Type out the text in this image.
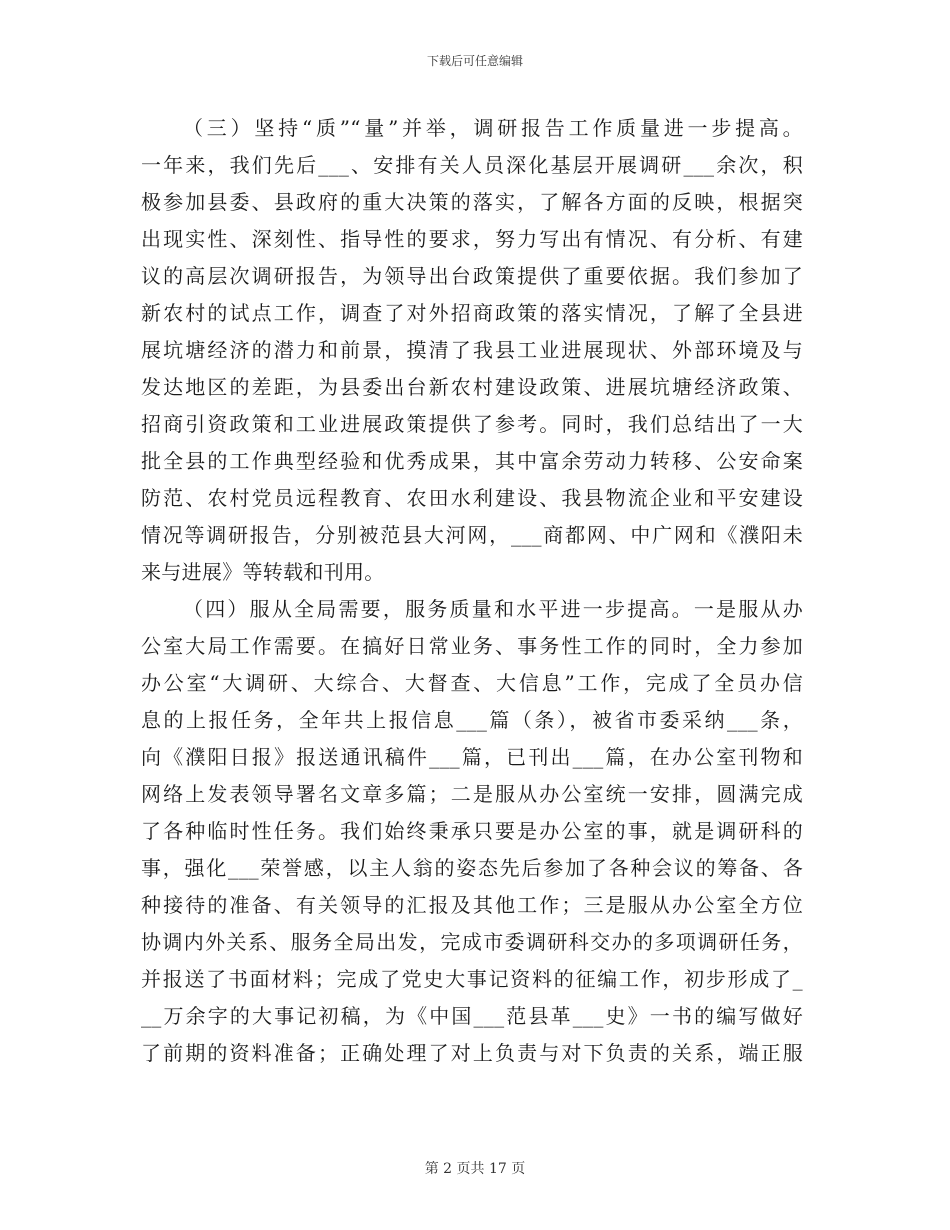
下载后可任意编辑
（三）坚持“质”“量”并举，调研报告工作质量进一步提高。
一年来，我们先后___、安排有关人员深化基层开展调研___余次，积
极参加县委、县政府的重大决策的落实，了解各方面的反映，根据突
出现实性、深刻性、指导性的要求，努力写出有情况、有分析、有建
议的高层次调研报告，为领导出台政策提供了重要依据。我们参加了
新农村的试点工作，调查了对外招商政策的落实情况，了解了全县进
展坑塘经济的潜力和前景，摸清了我县工业进展现状、外部环境及与
发达地区的差距，为县委出台新农村建设政策、进展坑塘经济政策、
招商引资政策和工业进展政策提供了参考。同时，我们总结出了一大
批全县的工作典型经验和优秀成果，其中富余劳动力转移、公安命案
防范、农村党员远程教育、农田水利建设、我县物流企业和平安建设
情况等调研报告，分别被范县大河网，___商都网、中广网和《濮阳未
来与进展》等转载和刊用。
（四）服从全局需要，服务质量和水平进一步提高。一是服从办
公室大局工作需要。在搞好日常业务、事务性工作的同时，全力参加
办公室“大调研、大综合、大督查、大信息”工作，完成了全员办信
息的上报任务，全年共上报信息___篇（条），被省市委采纳___条，
向《濮阳日报》报送通讯稿件___篇，已刊出___篇，在办公室刊物和
网络上发表领导署名文章多篇；二是服从办公室统一安排，圆满完成
了各种临时性任务。我们始终秉承只要是办公室的事，就是调研科的
事，强化___荣誉感，以主人翁的姿态先后参加了各种会议的筹备、各
种接待的准备、有关领导的汇报及其他工作；三是服从办公室全方位
协调内外关系、服务全局出发，完成市委调研科交办的多项调研任务，
并报送了书面材料；完成了党史大事记资料的征编工作，初步形成了_
__万余字的大事记初稿，为《中国___范县革___史》一书的编写做好
了前期的资料准备；正确处理了对上负责与对下负责的关系，端正服
第 2 页共 17 页
